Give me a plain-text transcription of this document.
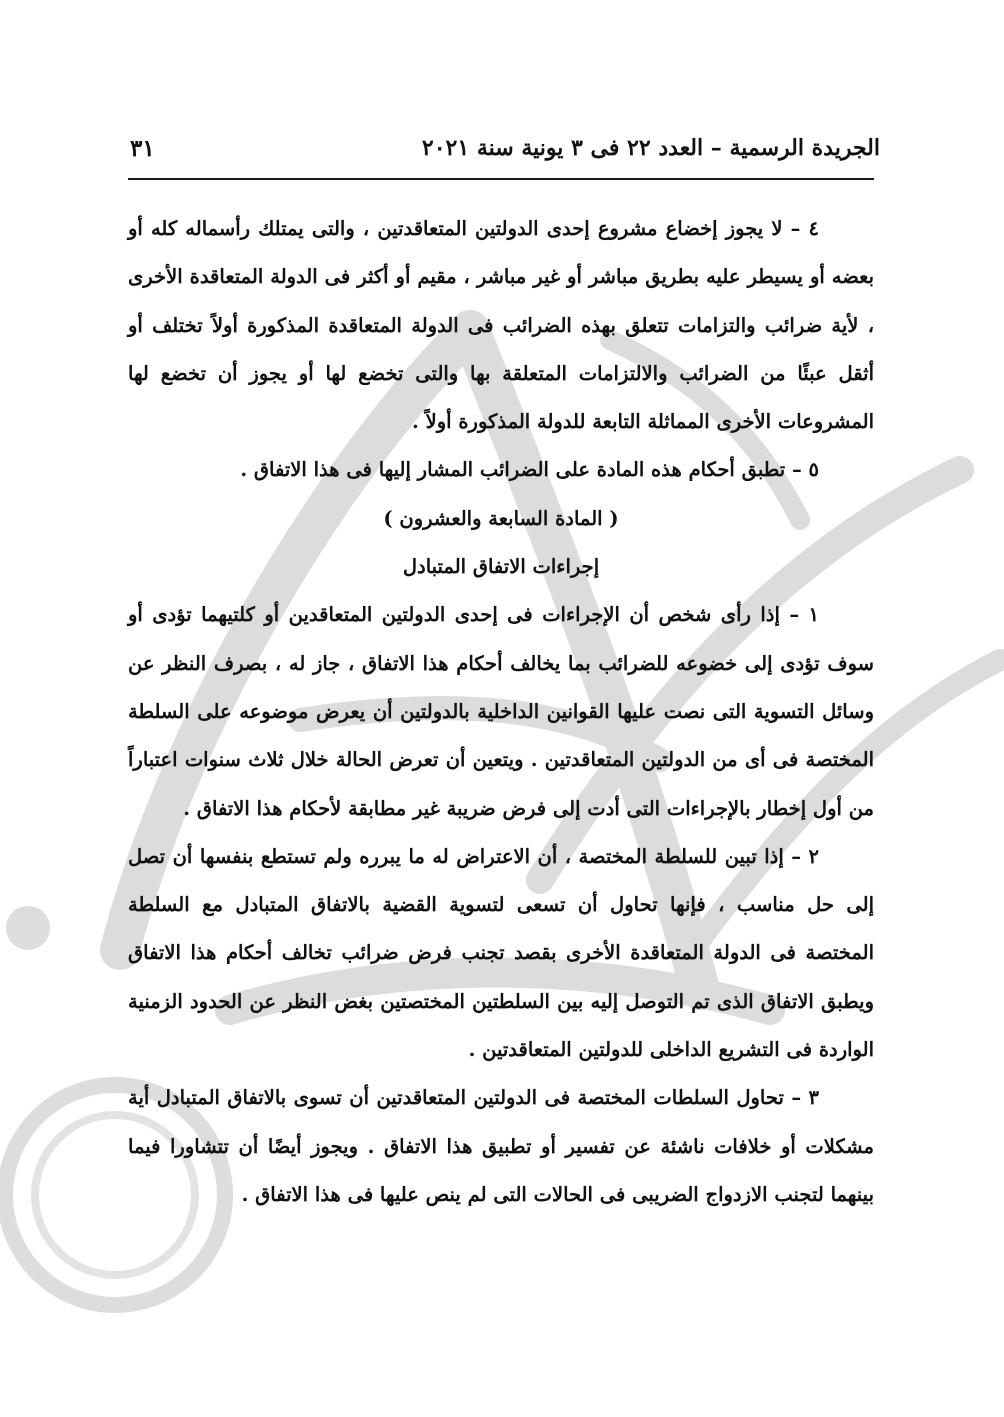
الجريدة الرسمية – العدد ٢٢ فى ٣ يونية سنة ٢٠٢١
٣١

٤ – لا يجوز إخضاع مشروع إحدى الدولتين المتعاقدتين ، والتى يمتلك رأسماله كله أو بعضه أو يسيطر عليه بطريق مباشر أو غير مباشر ، مقيم أو أكثر فى الدولة المتعاقدة الأخرى ، لأية ضرائب والتزامات تتعلق بهذه الضرائب فى الدولة المتعاقدة المذكورة أولاً تختلف أو أثقل عبئًا من الضرائب والالتزامات المتعلقة بها والتى تخضع لها أو يجوز أن تخضع لها المشروعات الأخرى المماثلة التابعة للدولة المذكورة أولاً .

٥ – تطبق أحكام هذه المادة على الضرائب المشار إليها فى هذا الاتفاق .

( المادة السابعة والعشرون )

إجراءات الاتفاق المتبادل

١ – إذا رأى شخص أن الإجراءات فى إحدى الدولتين المتعاقدين أو كلتيهما تؤدى أو سوف تؤدى إلى خضوعه للضرائب بما يخالف أحكام هذا الاتفاق ، جاز له ، بصرف النظر عن وسائل التسوية التى نصت عليها القوانين الداخلية بالدولتين أن يعرض موضوعه على السلطة المختصة فى أى من الدولتين المتعاقدتين . ويتعين أن تعرض الحالة خلال ثلاث سنوات اعتباراً من أول إخطار بالإجراءات التى أدت إلى فرض ضريبة غير مطابقة لأحكام هذا الاتفاق .

٢ – إذا تبين للسلطة المختصة ، أن الاعتراض له ما يبرره ولم تستطع بنفسها أن تصل إلى حل مناسب ، فإنها تحاول أن تسعى لتسوية القضية بالاتفاق المتبادل مع السلطة المختصة فى الدولة المتعاقدة الأخرى بقصد تجنب فرض ضرائب تخالف أحكام هذا الاتفاق ويطبق الاتفاق الذى تم التوصل إليه بين السلطتين المختصتين بغض النظر عن الحدود الزمنية الواردة فى التشريع الداخلى للدولتين المتعاقدتين .

٣ – تحاول السلطات المختصة فى الدولتين المتعاقدتين أن تسوى بالاتفاق المتبادل أية مشكلات أو خلافات ناشئة عن تفسير أو تطبيق هذا الاتفاق . ويجوز أيضًا أن تتشاورا فيما بينهما لتجنب الازدواج الضريبى فى الحالات التى لم ينص عليها فى هذا الاتفاق .
